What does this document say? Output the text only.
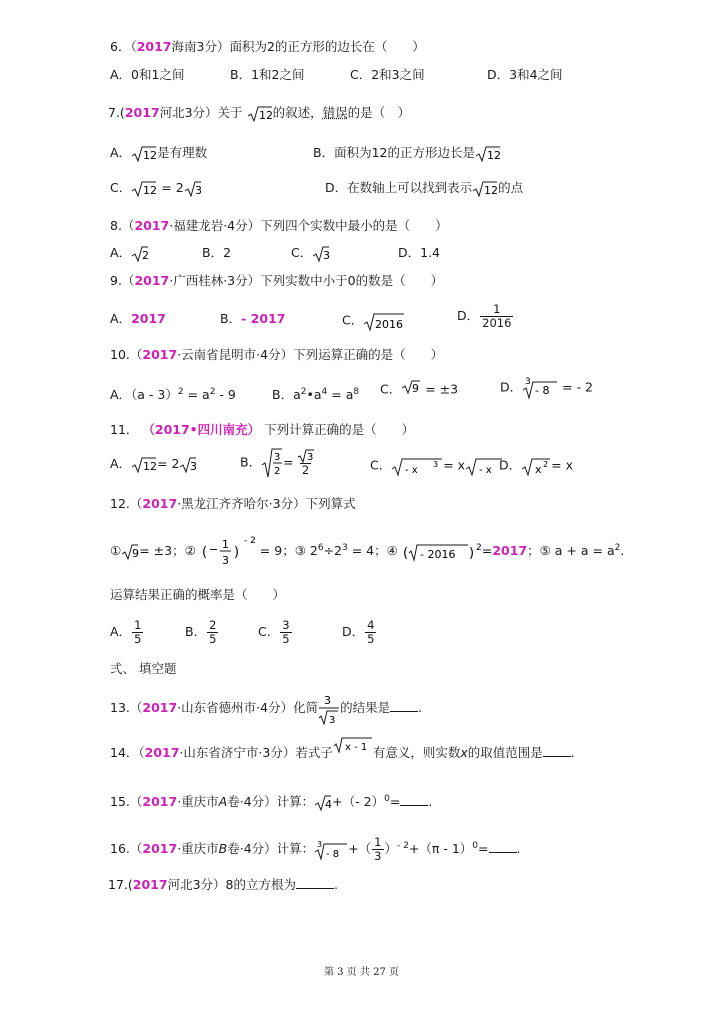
6．（2017海南3分）面积为2的正方形的边长在（　　）
A．0和1之间	B．1和2之间	C．2和3之间	D．3和4之间
7.(2017河北3分）关于 12 的叙述，错误的是（　）
A． 12 是有理数	B．面积为12的正方形边长是 12
C． 12 = 2 3	D．在数轴上可以找到表示 12 的点
8.（2017·福建龙岩·4分）下列四个实数中最小的是（　　）
A． 2	B．2	C． 3	D．1.4
9.（2017·广西桂林·3分）下列实数中小于0的数是（　　）
A．2017	B．- 2017	C． 2016
D． $\frac{1}{2016}$
10.（2017·云南省昆明市·4分）下列运算正确的是（　　）
A．$(a - 3)^2 = a^2 - 9$	B．$a^2•a^4 = a^8$ C． 9 = ±3	D． 3
- 8 = - 2
11． （2017•四川南充） 下列计算正确的是（　　）
A． 12 = 2 3	B． 3
2
= $\frac{3}{2}$	C． - x
3 = x - x D． x 2 = x
12.（2017·黑龙江齐齐哈尔·3分）下列算式
① 9 = ±3；② ( − 1
3
)
- 2
= 9；③ $2^6\div 2^3 = 4$；④ ( - 2016 ) 2 =2017；⑤ $a + a = a^2$.
运算结果正确的概率是（　　）
A． $\frac{1}{5}$	B． $\frac{2}{5}$	C． $\frac{3}{5}$	D． $\frac{4}{5}$
弍、 填空题
13.（2017·山东省德州市·4分）化简 3
3
的结果是 .
14．（2017·山东省济宁市·3分）若式子 x - 1 有意义，则实数x的取值范围是 .
15.（2017·重庆市A卷·4分）计算： 4 +（- 2）$^0$= .
16.（2017·重庆市B卷·4分）计算： 3
- 8 +（ $\frac{1}{3} )^{- 2}+(\pi - 1)^0=$ .
17.(2017河北3分）8的立方根为	.
第 3 页 共 27 页
